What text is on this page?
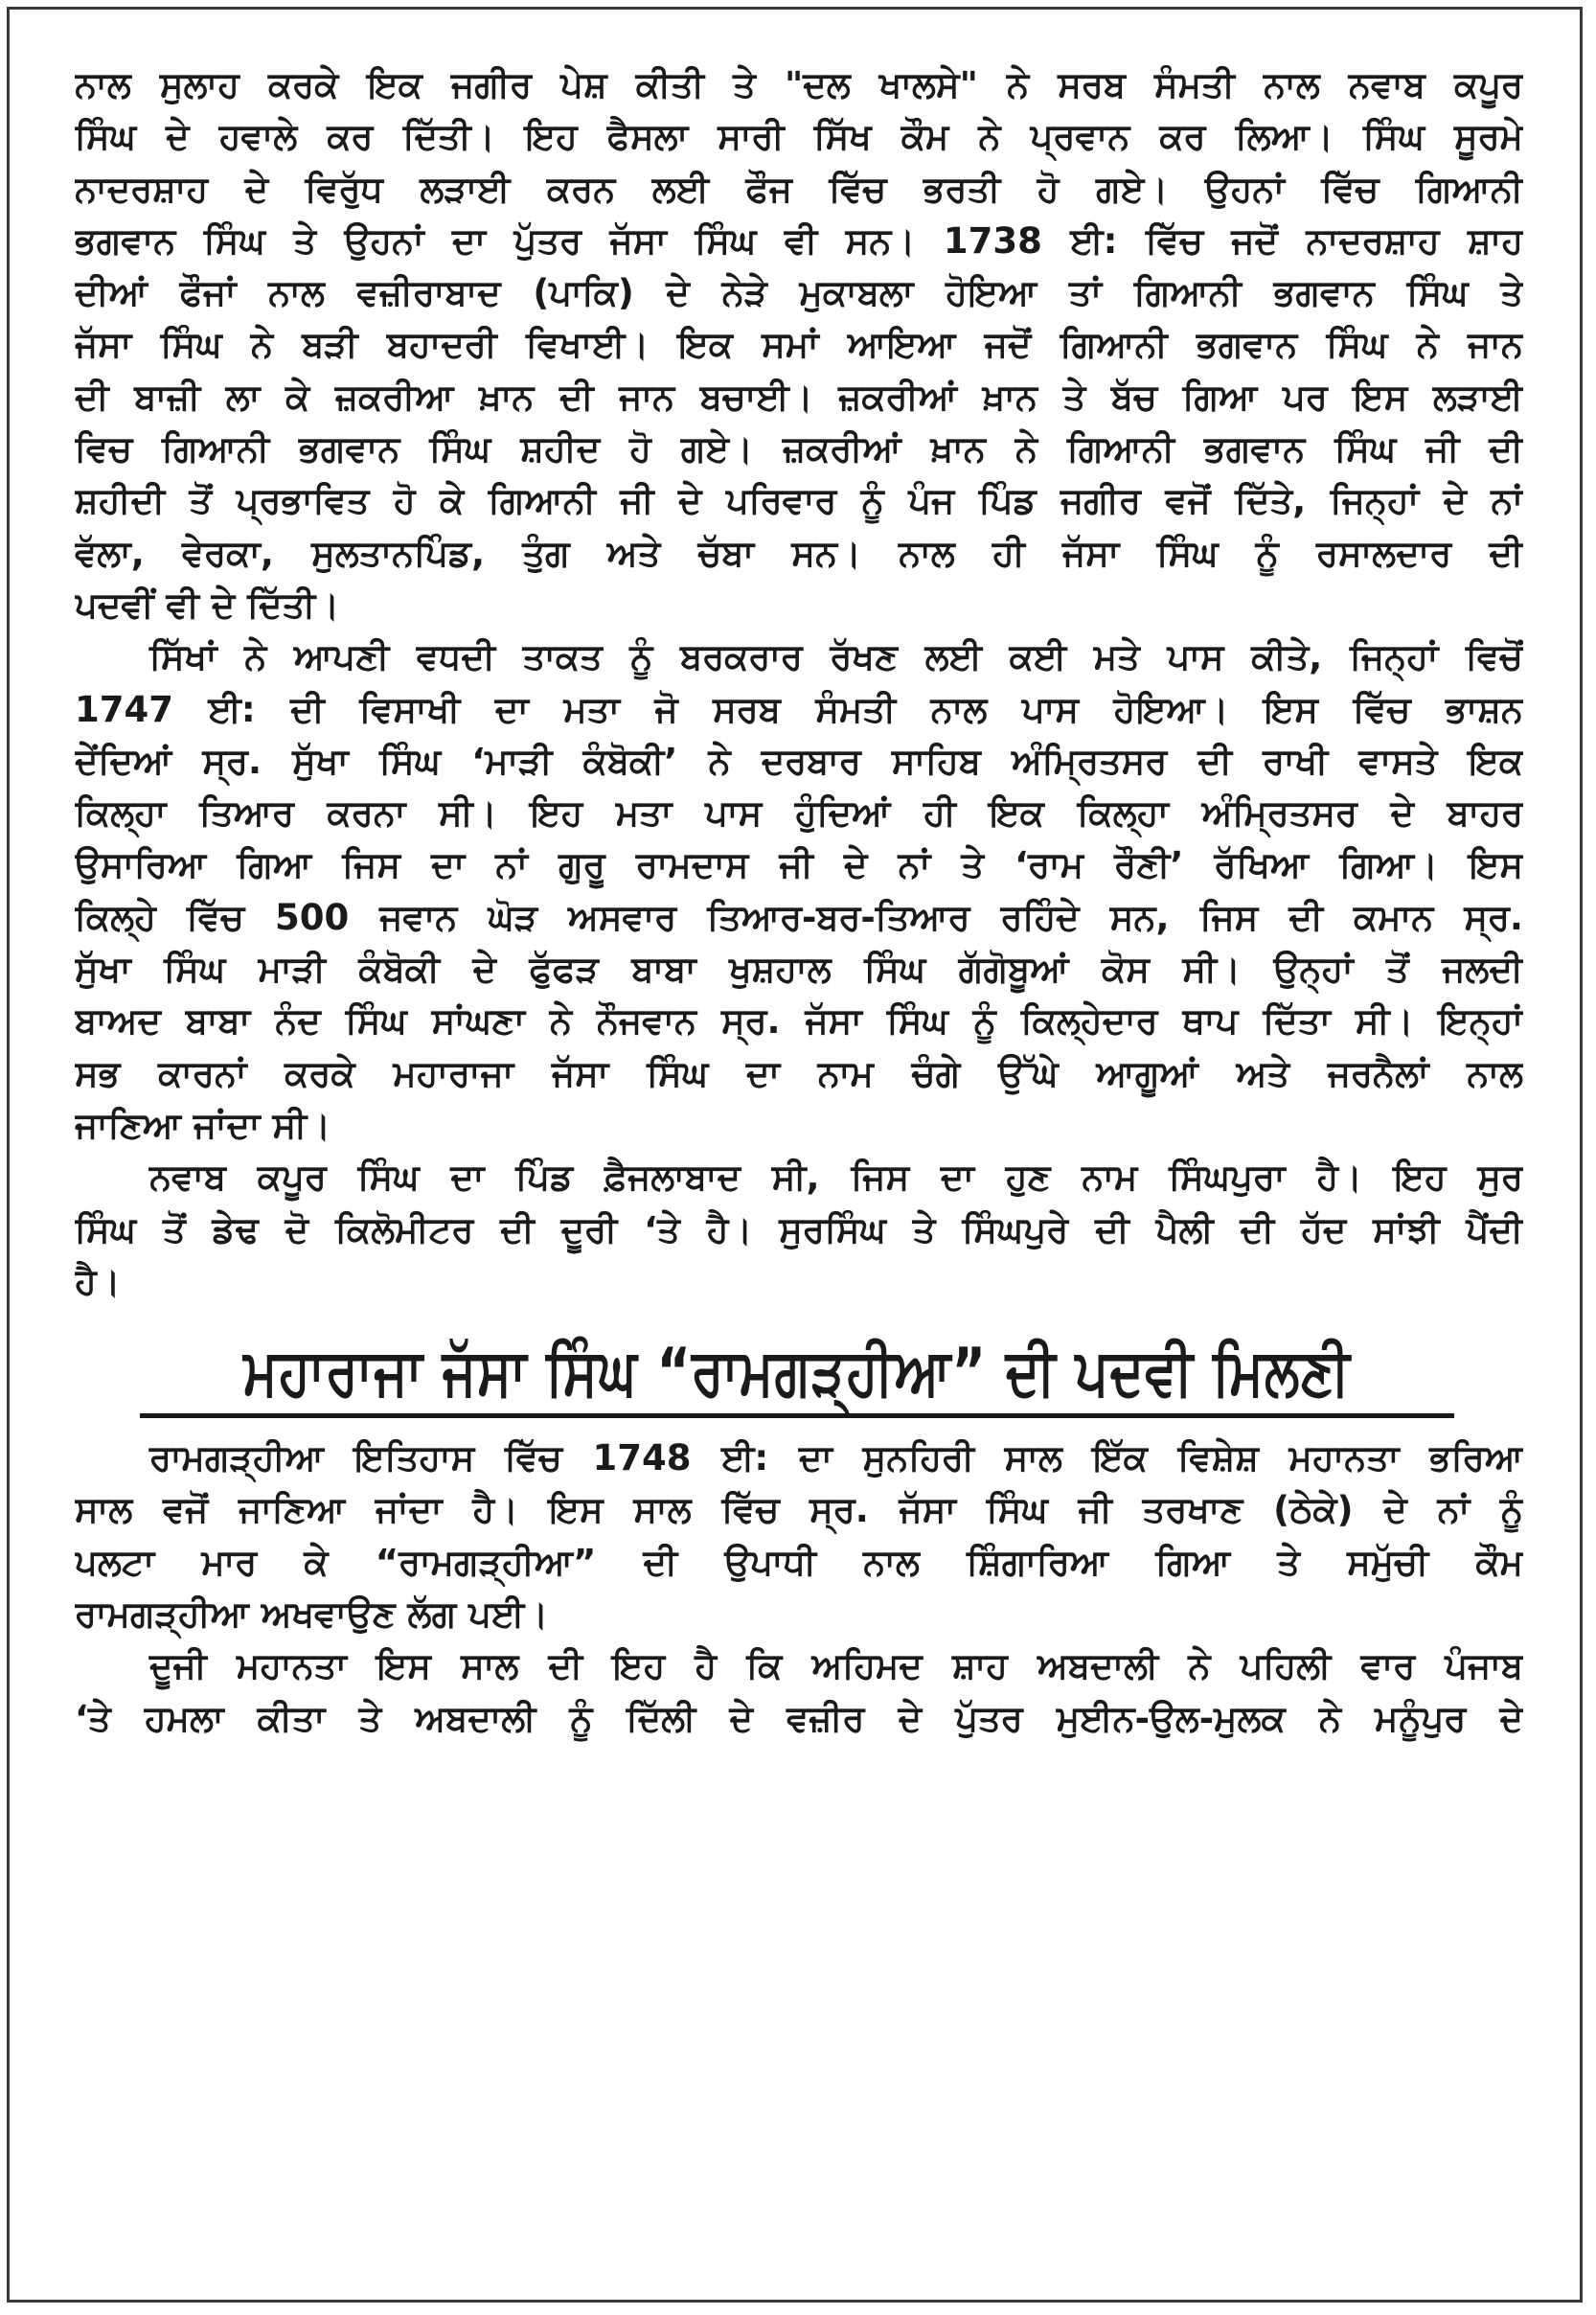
ਨਾਲ ਸੁਲਾਹ ਕਰਕੇ ਇਕ ਜਗੀਰ ਪੇਸ਼ ਕੀਤੀ ਤੇ "ਦਲ ਖਾਲਸੇ" ਨੇ ਸਰਬ ਸੰਮਤੀ ਨਾਲ ਨਵਾਬ ਕਪੂਰ
ਸਿੰਘ ਦੇ ਹਵਾਲੇ ਕਰ ਦਿੱਤੀ। ਇਹ ਫੈਸਲਾ ਸਾਰੀ ਸਿੱਖ ਕੌਮ ਨੇ ਪ੍ਰਵਾਨ ਕਰ ਲਿਆ। ਸਿੰਘ ਸੂਰਮੇ
ਨਾਦਰਸ਼ਾਹ ਦੇ ਵਿਰੁੱਧ ਲੜਾਈ ਕਰਨ ਲਈ ਫੌਜ ਵਿੱਚ ਭਰਤੀ ਹੋ ਗਏ। ਉਹਨਾਂ ਵਿੱਚ ਗਿਆਨੀ
ਭਗਵਾਨ ਸਿੰਘ ਤੇ ਉਹਨਾਂ ਦਾ ਪੁੱਤਰ ਜੱਸਾ ਸਿੰਘ ਵੀ ਸਨ। 1738 ਈ: ਵਿੱਚ ਜਦੋਂ ਨਾਦਰਸ਼ਾਹ ਸ਼ਾਹ
ਦੀਆਂ ਫੌਜਾਂ ਨਾਲ ਵਜ਼ੀਰਾਬਾਦ (ਪਾਕਿ) ਦੇ ਨੇੜੇ ਮੁਕਾਬਲਾ ਹੋਇਆ ਤਾਂ ਗਿਆਨੀ ਭਗਵਾਨ ਸਿੰਘ ਤੇ
ਜੱਸਾ ਸਿੰਘ ਨੇ ਬੜੀ ਬਹਾਦਰੀ ਵਿਖਾਈ। ਇਕ ਸਮਾਂ ਆਇਆ ਜਦੋਂ ਗਿਆਨੀ ਭਗਵਾਨ ਸਿੰਘ ਨੇ ਜਾਨ
ਦੀ ਬਾਜ਼ੀ ਲਾ ਕੇ ਜ਼ਕਰੀਆ ਖ਼ਾਨ ਦੀ ਜਾਨ ਬਚਾਈ। ਜ਼ਕਰੀਆਂ ਖ਼ਾਨ ਤੇ ਬੱਚ ਗਿਆ ਪਰ ਇਸ ਲੜਾਈ
ਵਿਚ ਗਿਆਨੀ ਭਗਵਾਨ ਸਿੰਘ ਸ਼ਹੀਦ ਹੋ ਗਏ। ਜ਼ਕਰੀਆਂ ਖ਼ਾਨ ਨੇ ਗਿਆਨੀ ਭਗਵਾਨ ਸਿੰਘ ਜੀ ਦੀ
ਸ਼ਹੀਦੀ ਤੋਂ ਪ੍ਰਭਾਵਿਤ ਹੋ ਕੇ ਗਿਆਨੀ ਜੀ ਦੇ ਪਰਿਵਾਰ ਨੂੰ ਪੰਜ ਪਿੰਡ ਜਗੀਰ ਵਜੋਂ ਦਿੱਤੇ, ਜਿਨ੍ਹਾਂ ਦੇ ਨਾਂ
ਵੱਲਾ, ਵੇਰਕਾ, ਸੁਲਤਾਨਪਿੰਡ, ਤੁੰਗ ਅਤੇ ਚੱਬਾ ਸਨ। ਨਾਲ ਹੀ ਜੱਸਾ ਸਿੰਘ ਨੂੰ ਰਸਾਲਦਾਰ ਦੀ
ਪਦਵੀਂ ਵੀ ਦੇ ਦਿੱਤੀ।
ਸਿੱਖਾਂ ਨੇ ਆਪਣੀ ਵਧਦੀ ਤਾਕਤ ਨੂੰ ਬਰਕਰਾਰ ਰੱਖਣ ਲਈ ਕਈ ਮਤੇ ਪਾਸ ਕੀਤੇ, ਜਿਨ੍ਹਾਂ ਵਿਚੋਂ
1747 ਈ: ਦੀ ਵਿਸਾਖੀ ਦਾ ਮਤਾ ਜੋ ਸਰਬ ਸੰਮਤੀ ਨਾਲ ਪਾਸ ਹੋਇਆ। ਇਸ ਵਿੱਚ ਭਾਸ਼ਨ
ਦੇਂਦਿਆਂ ਸ੍ਰ. ਸੁੱਖਾ ਸਿੰਘ ‘ਮਾੜੀ ਕੰਬੋਕੀ’ ਨੇ ਦਰਬਾਰ ਸਾਹਿਬ ਅੰਮ੍ਰਿਤਸਰ ਦੀ ਰਾਖੀ ਵਾਸਤੇ ਇਕ
ਕਿਲ੍ਹਾ ਤਿਆਰ ਕਰਨਾ ਸੀ। ਇਹ ਮਤਾ ਪਾਸ ਹੁੰਦਿਆਂ ਹੀ ਇਕ ਕਿਲ੍ਹਾ ਅੰਮ੍ਰਿਤਸਰ ਦੇ ਬਾਹਰ
ਉਸਾਰਿਆ ਗਿਆ ਜਿਸ ਦਾ ਨਾਂ ਗੁਰੂ ਰਾਮਦਾਸ ਜੀ ਦੇ ਨਾਂ ਤੇ ‘ਰਾਮ ਰੌਣੀ’ ਰੱਖਿਆ ਗਿਆ। ਇਸ
ਕਿਲ੍ਹੇ ਵਿੱਚ 500 ਜਵਾਨ ਘੋੜ ਅਸਵਾਰ ਤਿਆਰ-ਬਰ-ਤਿਆਰ ਰਹਿੰਦੇ ਸਨ, ਜਿਸ ਦੀ ਕਮਾਨ ਸ੍ਰ.
ਸੁੱਖਾ ਸਿੰਘ ਮਾੜੀ ਕੰਬੋਕੀ ਦੇ ਫੁੱਫੜ ਬਾਬਾ ਖੁਸ਼ਹਾਲ ਸਿੰਘ ਗੱਗੋਬੂਆਂ ਕੋਸ ਸੀ। ਉਨ੍ਹਾਂ ਤੋਂ ਜਲਦੀ
ਬਾਅਦ ਬਾਬਾ ਨੰਦ ਸਿੰਘ ਸਾਂਘਣਾ ਨੇ ਨੌਜਵਾਨ ਸ੍ਰ. ਜੱਸਾ ਸਿੰਘ ਨੂੰ ਕਿਲ੍ਹੇਦਾਰ ਥਾਪ ਦਿੱਤਾ ਸੀ। ਇਨ੍ਹਾਂ
ਸਭ ਕਾਰਨਾਂ ਕਰਕੇ ਮਹਾਰਾਜਾ ਜੱਸਾ ਸਿੰਘ ਦਾ ਨਾਮ ਚੰਗੇ ਉੱਘੇ ਆਗੂਆਂ ਅਤੇ ਜਰਨੈਲਾਂ ਨਾਲ
ਜਾਣਿਆ ਜਾਂਦਾ ਸੀ।
ਨਵਾਬ ਕਪੂਰ ਸਿੰਘ ਦਾ ਪਿੰਡ ਫ਼ੈਜਲਾਬਾਦ ਸੀ, ਜਿਸ ਦਾ ਹੁਣ ਨਾਮ ਸਿੰਘਪੁਰਾ ਹੈ। ਇਹ ਸੁਰ
ਸਿੰਘ ਤੋਂ ਡੇਢ ਦੋ ਕਿਲੋਮੀਟਰ ਦੀ ਦੂਰੀ ‘ਤੇ ਹੈ। ਸੁਰਸਿੰਘ ਤੇ ਸਿੰਘਪੁਰੇ ਦੀ ਪੈਲੀ ਦੀ ਹੱਦ ਸਾਂਝੀ ਪੈਂਦੀ
ਹੈ।
ਮਹਾਰਾਜਾ ਜੱਸਾ ਸਿੰਘ “ਰਾਮਗੜ੍ਹੀਆ” ਦੀ ਪਦਵੀ ਮਿਲਣੀ
ਰਾਮਗੜ੍ਹੀਆ ਇਤਿਹਾਸ ਵਿੱਚ 1748 ਈ: ਦਾ ਸੁਨਹਿਰੀ ਸਾਲ ਇੱਕ ਵਿਸ਼ੇਸ਼ ਮਹਾਨਤਾ ਭਰਿਆ
ਸਾਲ ਵਜੋਂ ਜਾਣਿਆ ਜਾਂਦਾ ਹੈ। ਇਸ ਸਾਲ ਵਿੱਚ ਸ੍ਰ. ਜੱਸਾ ਸਿੰਘ ਜੀ ਤਰਖਾਣ (ਠੇਕੇ) ਦੇ ਨਾਂ ਨੂੰ
ਪਲਟਾ ਮਾਰ ਕੇ “ਰਾਮਗੜ੍ਹੀਆ” ਦੀ ਉਪਾਧੀ ਨਾਲ ਸ਼ਿੰਗਾਰਿਆ ਗਿਆ ਤੇ ਸਮੁੱਚੀ ਕੌਮ
ਰਾਮਗੜ੍ਹੀਆ ਅਖਵਾਉਣ ਲੱਗ ਪਈ।
ਦੂਜੀ ਮਹਾਨਤਾ ਇਸ ਸਾਲ ਦੀ ਇਹ ਹੈ ਕਿ ਅਹਿਮਦ ਸ਼ਾਹ ਅਬਦਾਲੀ ਨੇ ਪਹਿਲੀ ਵਾਰ ਪੰਜਾਬ
‘ਤੇ ਹਮਲਾ ਕੀਤਾ ਤੇ ਅਬਦਾਲੀ ਨੂੰ ਦਿੱਲੀ ਦੇ ਵਜ਼ੀਰ ਦੇ ਪੁੱਤਰ ਮੁਈਨ-ਉਲ-ਮੁਲਕ ਨੇ ਮਨੂੰਪੁਰ ਦੇ
